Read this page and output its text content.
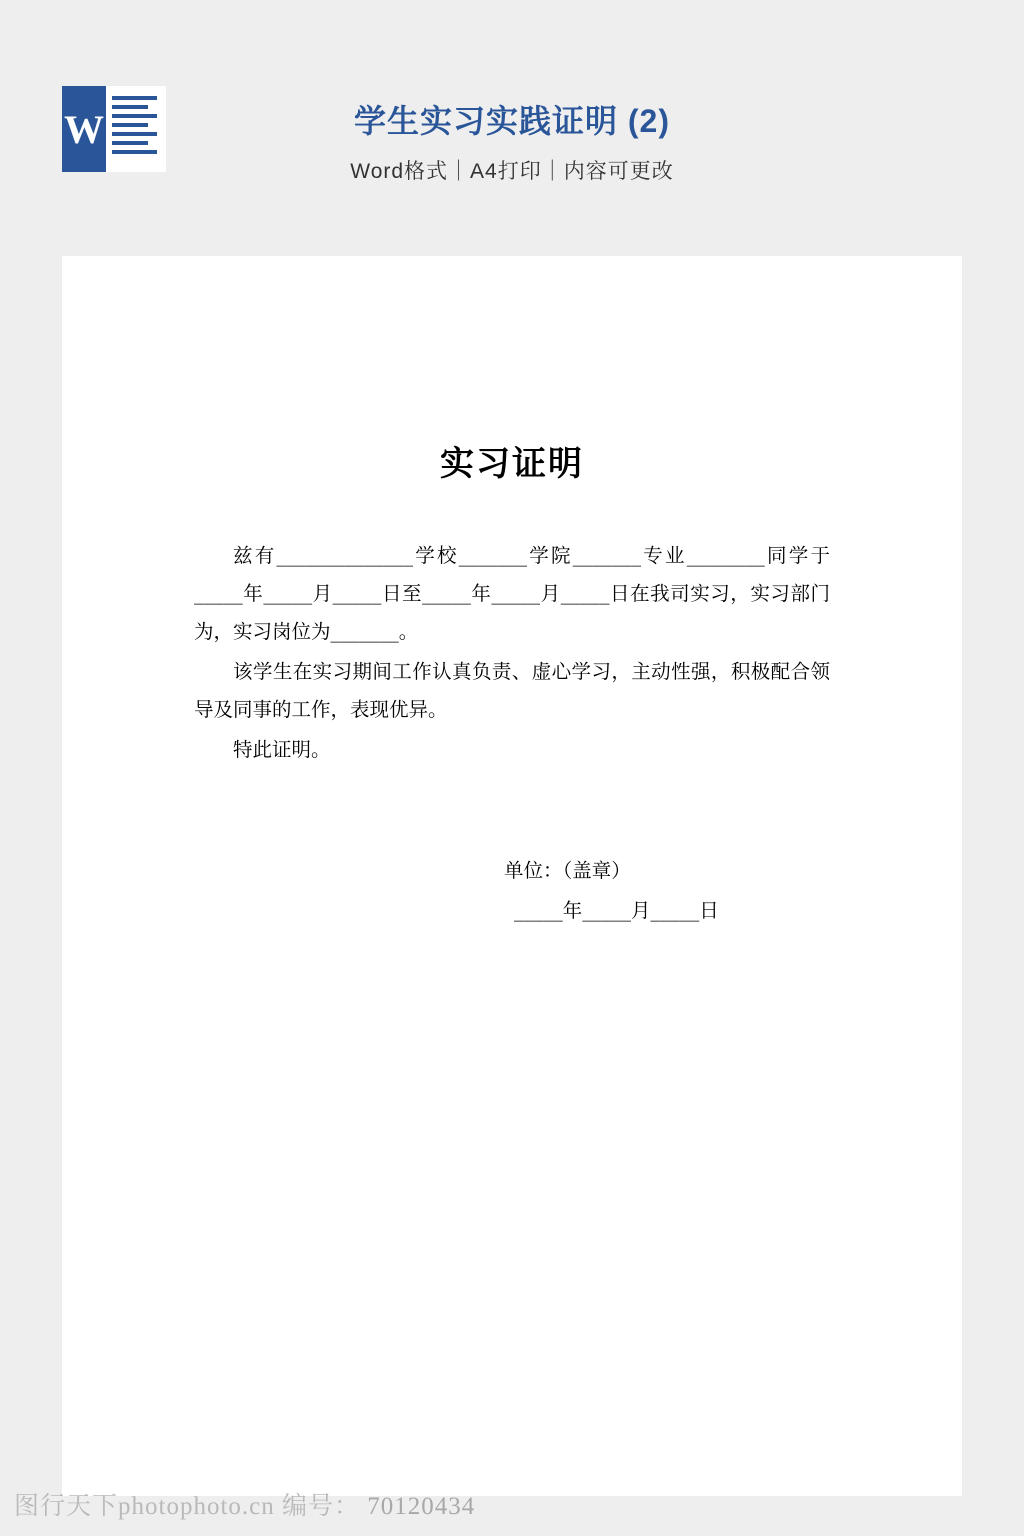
W	学生实习实践证明 (2)
Word格式｜A4打印｜内容可更改
实习证明

兹有______________学校_______学院_______专业________同学于_____年_____月_____日至_____年_____月_____日在我司实习，实习部门为，实习岗位为_______。

该学生在实习期间工作认真负责、虚心学习，主动性强，积极配合领导及同事的工作，表现优异。

特此证明。

单位：（盖章）
_____年_____月_____日
图行天下photophoto.cn 编号： 70120434
